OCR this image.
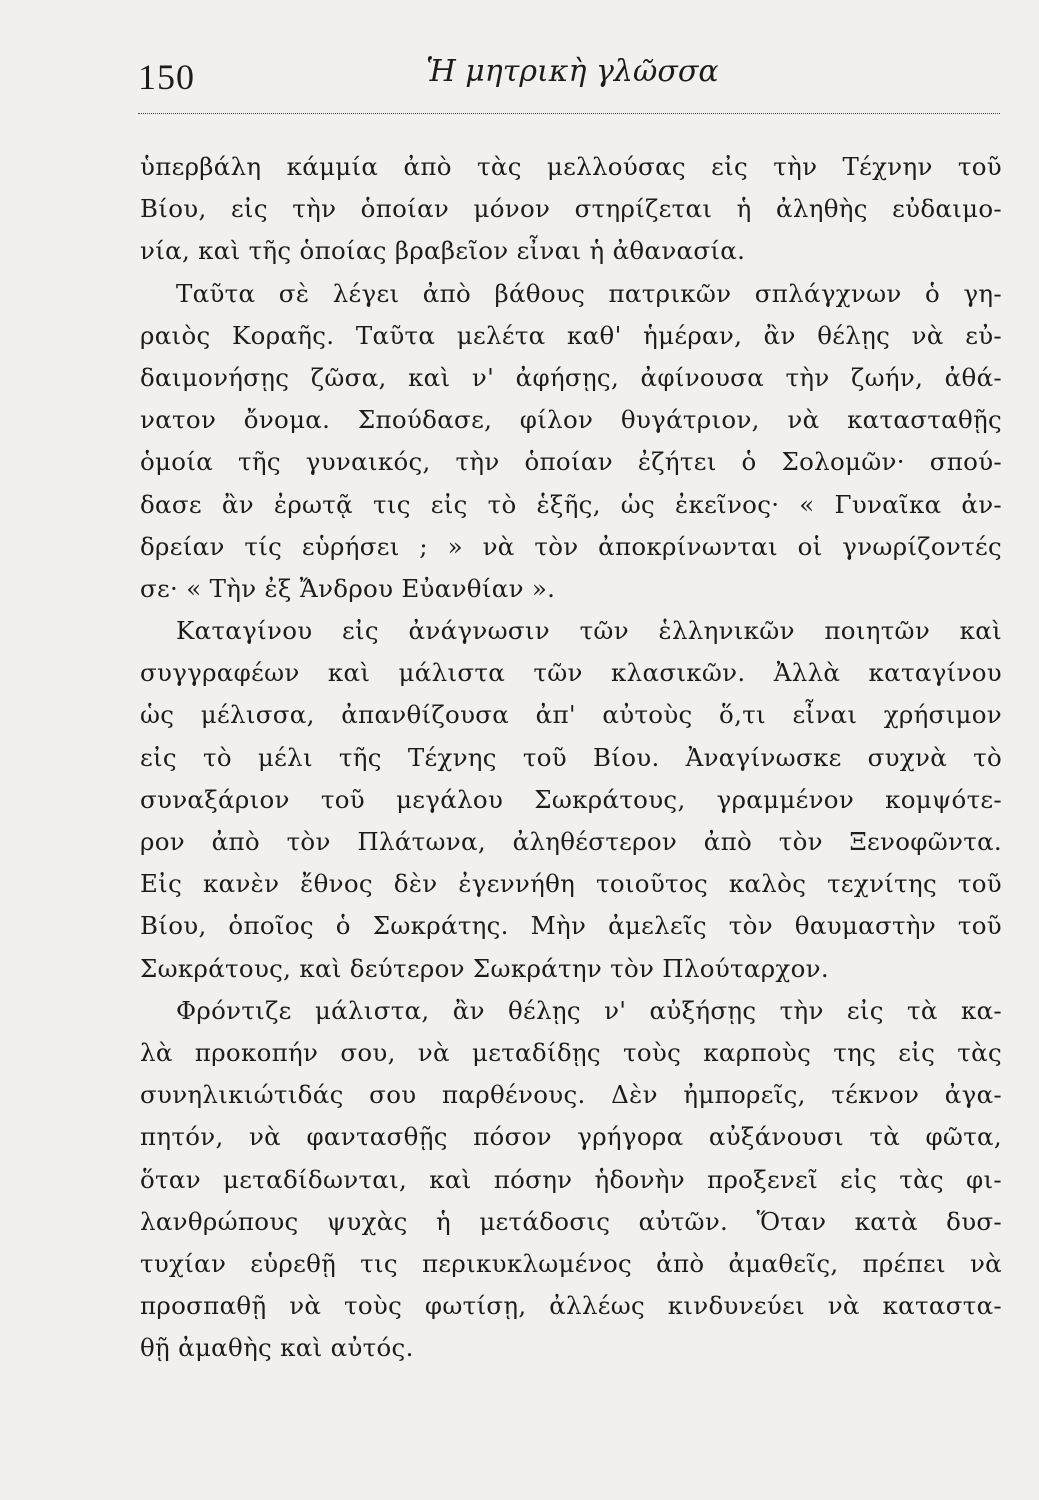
150	Ἡ μητρικὴ γλῶσσα
ὑπερβάλη κάμμία ἀπὸ τὰς μελλούσας εἰς τὴν Τέχνην τοῦ
Βίου, εἰς τὴν ὁποίαν μόνον στηρίζεται ἡ ἀληθὴς εὐδαιμο-
νία, καὶ τῆς ὁποίας βραβεῖον εἶναι ἡ ἀθανασία.
Ταῦτα σὲ λέγει ἀπὸ βάθους πατρικῶν σπλάγχνων ὁ γη-
ραιὸς Κοραῆς. Ταῦτα μελέτα καθ' ἡμέραν, ἂν θέλῃς νὰ εὐ-
δαιμονήσῃς ζῶσα, καὶ ν' ἀφήσῃς, ἀφίνουσα τὴν ζωήν, ἀθά-
νατον ὄνομα. Σπούδασε, φίλον θυγάτριον, νὰ κατασταθῇς
ὁμοία τῆς γυναικός, τὴν ὁποίαν ἐζήτει ὁ Σολομῶν· σπού-
δασε ἂν ἐρωτᾷ τις εἰς τὸ ἑξῆς, ὡς ἐκεῖνος· « Γυναῖκα ἀν-
δρείαν τίς εὑρήσει ; » νὰ τὸν ἀποκρίνωνται οἱ γνωρίζοντές
σε· « Τὴν ἐξ Ἄνδρου Εὐανθίαν ».
Καταγίνου εἰς ἀνάγνωσιν τῶν ἑλληνικῶν ποιητῶν καὶ
συγγραφέων καὶ μάλιστα τῶν κλασικῶν. Ἀλλὰ καταγίνου
ὡς μέλισσα, ἀπανθίζουσα ἀπ' αὐτοὺς ὅ,τι εἶναι χρήσιμον
εἰς τὸ μέλι τῆς Τέχνης τοῦ Βίου. Ἀναγίνωσκε συχνὰ τὸ
συναξάριον τοῦ μεγάλου Σωκράτους, γραμμένον κομψότε-
ρον ἀπὸ τὸν Πλάτωνα, ἀληθέστερον ἀπὸ τὸν Ξενοφῶντα.
Εἰς κανὲν ἔθνος δὲν ἐγεννήθη τοιοῦτος καλὸς τεχνίτης τοῦ
Βίου, ὁποῖος ὁ Σωκράτης. Μὴν ἀμελεῖς τὸν θαυμαστὴν τοῦ
Σωκράτους, καὶ δεύτερον Σωκράτην τὸν Πλούταρχον.
Φρόντιζε μάλιστα, ἂν θέλῃς ν' αὐξήσῃς τὴν εἰς τὰ κα-
λὰ προκοπήν σου, νὰ μεταδίδῃς τοὺς καρποὺς της εἰς τὰς
συνηλικιώτιδάς σου παρθένους. Δὲν ἠμπορεῖς, τέκνον ἀγα-
πητόν, νὰ φαντασθῇς πόσον γρήγορα αὐξάνουσι τὰ φῶτα,
ὅταν μεταδίδωνται, καὶ πόσην ἡδονὴν προξενεῖ εἰς τὰς φι-
λανθρώπους ψυχὰς ἡ μετάδοσις αὐτῶν. Ὅταν κατὰ δυσ-
τυχίαν εὑρεθῇ τις περικυκλωμένος ἀπὸ ἀμαθεῖς, πρέπει νὰ
προσπαθῇ νὰ τοὺς φωτίσῃ, ἀλλέως κινδυνεύει νὰ καταστα-
θῇ ἀμαθὴς καὶ αὐτός.
